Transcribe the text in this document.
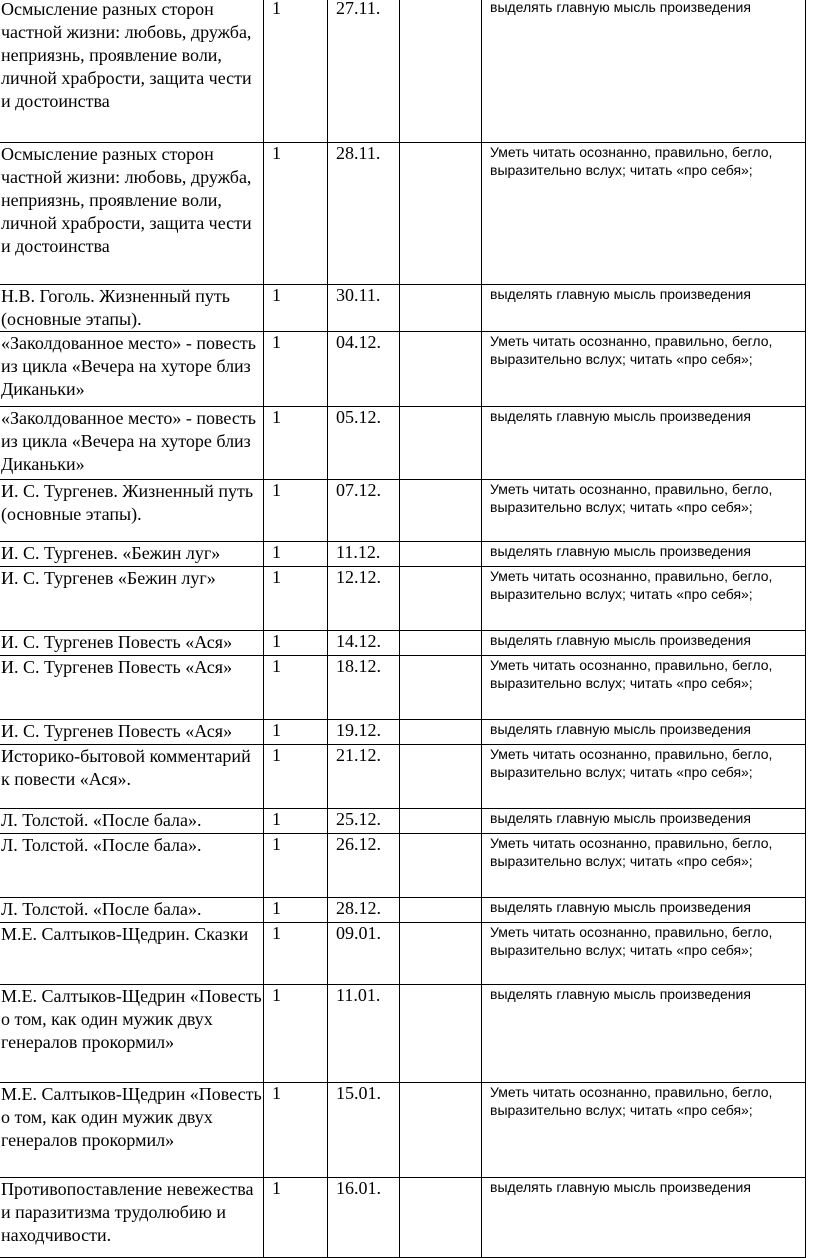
Осмысление разных сторон частной жизни: любовь, дружба, неприязнь, проявление воли, личной храбрости, защита чести и достоинства	1	27.11.		выделять главную мысль произведения
Осмысление разных сторон частной жизни: любовь, дружба, неприязнь, проявление воли, личной храбрости, защита чести и достоинства	1	28.11.		Уметь читать осознанно, правильно, бегло, выразительно вслух; читать «про себя»;
Н.В. Гоголь. Жизненный путь (основные этапы).	1	30.11.		выделять главную мысль произведения
«Заколдованное место» - повесть из цикла «Вечера на хуторе близ Диканьки»	1	04.12.		Уметь читать осознанно, правильно, бегло, выразительно вслух; читать «про себя»;
«Заколдованное место» - повесть из цикла «Вечера на хуторе близ Диканьки»	1	05.12.		выделять главную мысль произведения
И. С. Тургенев. Жизненный путь (основные этапы).	1	07.12.		Уметь читать осознанно, правильно, бегло, выразительно вслух; читать «про себя»;
И. С. Тургенев. «Бежин луг»	1	11.12.		выделять главную мысль произведения
И. С. Тургенев «Бежин луг»	1	12.12.		Уметь читать осознанно, правильно, бегло, выразительно вслух; читать «про себя»;
И. С. Тургенев Повесть «Ася»	1	14.12.		выделять главную мысль произведения
И. С. Тургенев Повесть «Ася»	1	18.12.		Уметь читать осознанно, правильно, бегло, выразительно вслух; читать «про себя»;
И. С. Тургенев Повесть «Ася»	1	19.12.		выделять главную мысль произведения
Историко-бытовой комментарий к повести «Ася».	1	21.12.		Уметь читать осознанно, правильно, бегло, выразительно вслух; читать «про себя»;
Л. Толстой. «После бала».	1	25.12.		выделять главную мысль произведения
Л. Толстой. «После бала».	1	26.12.		Уметь читать осознанно, правильно, бегло, выразительно вслух; читать «про себя»;
Л. Толстой. «После бала».	1	28.12.		выделять главную мысль произведения
М.Е. Салтыков-Щедрин. Сказки	1	09.01.		Уметь читать осознанно, правильно, бегло, выразительно вслух; читать «про себя»;
М.Е. Салтыков-Щедрин «Повесть о том, как один мужик двух генералов прокормил»	1	11.01.		выделять главную мысль произведения
М.Е. Салтыков-Щедрин «Повесть о том, как один мужик двух генералов прокормил»	1	15.01.		Уметь читать осознанно, правильно, бегло, выразительно вслух; читать «про себя»;
Противопоставление невежества и паразитизма трудолюбию и находчивости.	1	16.01.		выделять главную мысль произведения
